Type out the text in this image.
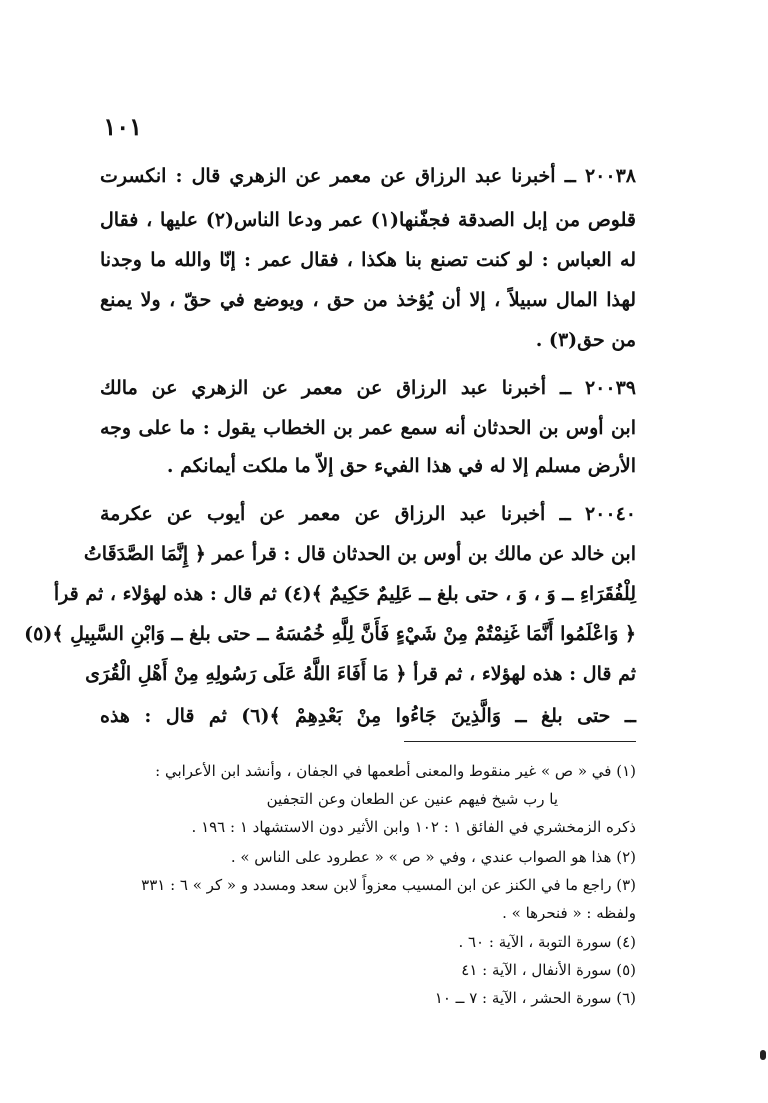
١٠١
٢٠٠٣٨ ــ أخبرنا عبد الرزاق عن معمر عن الزهري قال : انكسرت
قلوص من إبل الصدقة فجفّنها(١) عمر ودعا الناس(٢) عليها ، فقال
له العباس : لو كنت تصنع بنا هكذا ، فقال عمر : إنّا والله ما وجدنا
لهذا المال سبيلاً ، إلا أن يُؤخذ من حق ، ويوضع في حقّ ، ولا يمنع
من حق(٣) .
٢٠٠٣٩ ــ أخبرنا عبد الرزاق عن معمر عن الزهري عن مالك
ابن أوس بن الحدثان أنه سمع عمر بن الخطاب يقول : ما على وجه
الأرض مسلم إلا له في هذا الفيء حق إلاّ ما ملكت أيمانكم .
٢٠٠٤٠ ــ أخبرنا عبد الرزاق عن معمر عن أيوب عن عكرمة
ابن خالد عن مالك بن أوس بن الحدثان قال : قرأ عمر ﴿ إِنَّمَا الصَّدَقَاتُ
لِلْفُقَرَاءِ ــ وَ ، وَ ، حتى بلغ ــ عَلِيمٌ حَكِيمٌ ﴾(٤) ثم قال : هذه لهؤلاء ، ثم قرأ
﴿ وَاعْلَمُوا أَنَّمَا غَنِمْتُمْ مِنْ شَيْءٍ فَأَنَّ لِلَّهِ خُمُسَهُ ــ حتى بلغ ــ وَابْنِ السَّبِيلِ ﴾(٥)
ثم قال : هذه لهؤلاء ، ثم قرأ ﴿ مَا أَفَاءَ اللَّهُ عَلَى رَسُولِهِ مِنْ أَهْلِ الْقُرَى
ــ حتى بلغ ــ وَالَّذِينَ جَاءُوا مِنْ بَعْدِهِمْ ﴾(٦) ثم قال : هذه
(١) في « ص » غير منقوط والمعنى أطعمها في الجفان ، وأنشد ابن الأعرابي :
يا رب شيخ فيهم عنين عن الطعان وعن التجفين
ذكره الزمخشري في الفائق ١ : ١٠٢ وابن الأثير دون الاستشهاد ١ : ١٩٦ .
(٢) هذا هو الصواب عندي ، وفي « ص » « عطرود على الناس » .
(٣) راجع ما في الكنز عن ابن المسيب معزواً لابن سعد ومسدد و « كر » ٦ : ٣٣١
ولفظه : « فنحرها » .
(٤) سورة التوبة ، الآية : ٦٠ .
(٥) سورة الأنفال ، الآية : ٤١
(٦) سورة الحشر ، الآية : ٧ ــ ١٠
